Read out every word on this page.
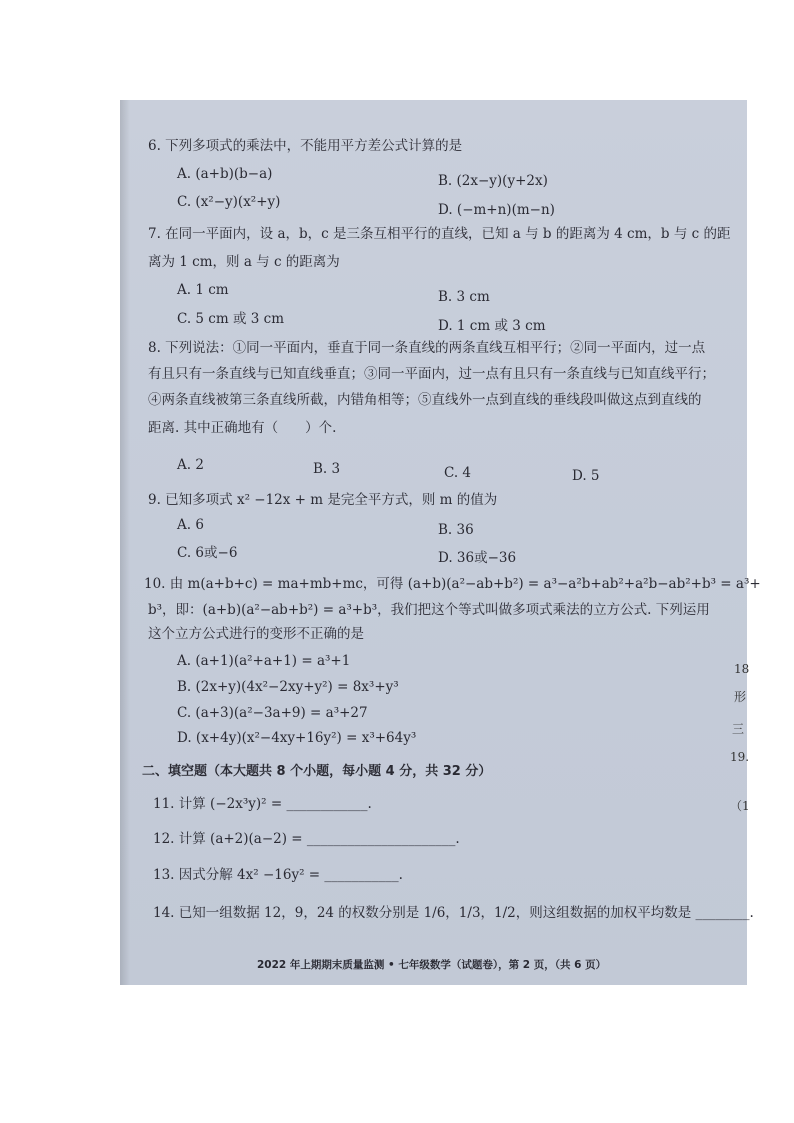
6. 下列多项式的乘法中，不能用平方差公式计算的是
A. (a+b)(b−a)	B. (2x−y)(y+2x)
C. (x²−y)(x²+y)	D. (−m+n)(m−n)
7. 在同一平面内，设 a，b，c 是三条互相平行的直线，已知 a 与 b 的距离为 4 cm，b 与 c 的距
离为 1 cm，则 a 与 c 的距离为
A. 1 cm	B. 3 cm
C. 5 cm 或 3 cm	D. 1 cm 或 3 cm
8. 下列说法：①同一平面内，垂直于同一条直线的两条直线互相平行；②同一平面内，过一点
有且只有一条直线与已知直线垂直；③同一平面内，过一点有且只有一条直线与已知直线平行；
④两条直线被第三条直线所截，内错角相等；⑤直线外一点到直线的垂线段叫做这点到直线的
距离. 其中正确地有（　　）个.
A. 2	B. 3	C. 4	D. 5
9. 已知多项式 x² −12x + m 是完全平方式，则 m 的值为
A. 6	B. 36
C. 6或−6	D. 36或−36
10. 由 m(a+b+c) = ma+mb+mc，可得 (a+b)(a²−ab+b²) = a³−a²b+ab²+a²b−ab²+b³ = a³+
b³，即：(a+b)(a²−ab+b²) = a³+b³，我们把这个等式叫做多项式乘法的立方公式. 下列运用
这个立方公式进行的变形不正确的是
A. (a+1)(a²+a+1) = a³+1
B. (2x+y)(4x²−2xy+y²) = 8x³+y³
C. (a+3)(a²−3a+9) = a³+27
D. (x+4y)(x²−4xy+16y²) = x³+64y³
二、填空题（本大题共 8 个小题，每小题 4 分，共 32 分）
11. 计算 (−2x³y)² = ____________.
12. 计算 (a+2)(a−2) = ______________________.
13. 因式分解 4x² −16y² = ___________.
14. 已知一组数据 12，9，24 的权数分别是 1/6，1/3，1/2，则这组数据的加权平均数是 ________.
2022 年上期期末质量监测 • 七年级数学（试题卷），第 2 页，（共 6 页）
18
形
三
19.
（1
